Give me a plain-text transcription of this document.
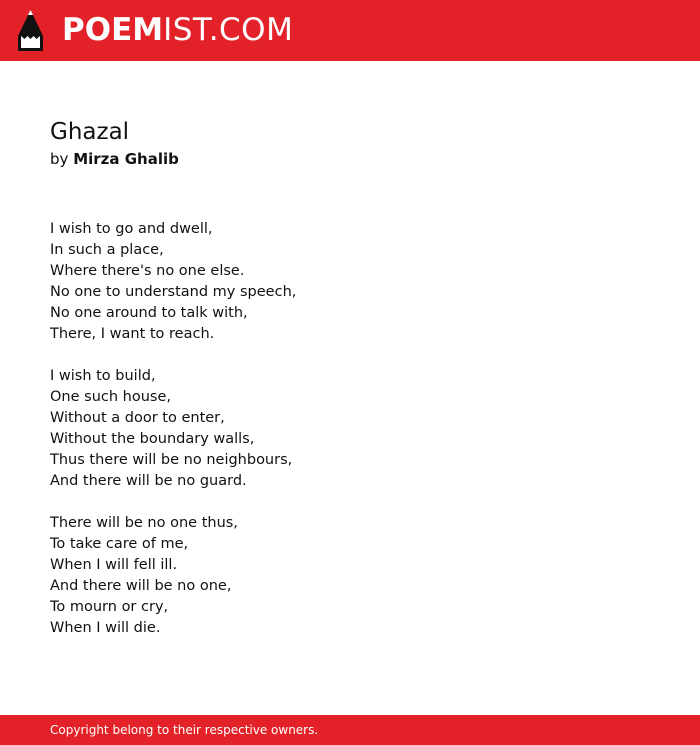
POEMIST.COM
Ghazal

by Mirza Ghalib

I wish to go and dwell,
In such a place,
Where there's no one else.
No one to understand my speech,
No one around to talk with,
There, I want to reach.
I wish to build,
One such house,
Without a door to enter,
Without the boundary walls,
Thus there will be no neighbours,
And there will be no guard.
There will be no one thus,
To take care of me,
When I will fell ill.
And there will be no one,
To mourn or cry,
When I will die.
Copyright belong to their respective owners.
